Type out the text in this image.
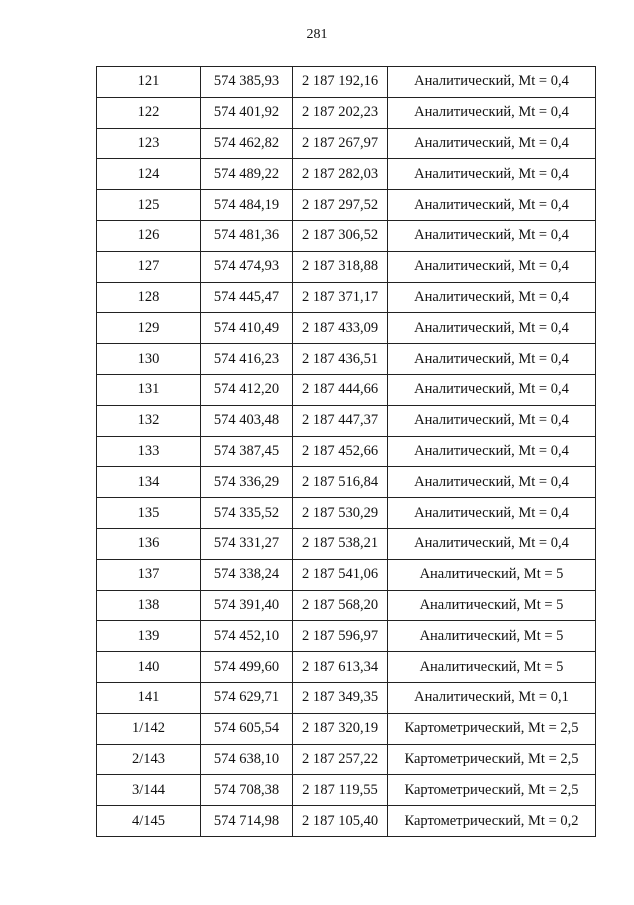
281
121	574 385,93	2 187 192,16	Аналитический, Mt = 0,4
122	574 401,92	2 187 202,23	Аналитический, Mt = 0,4
123	574 462,82	2 187 267,97	Аналитический, Mt = 0,4
124	574 489,22	2 187 282,03	Аналитический, Mt = 0,4
125	574 484,19	2 187 297,52	Аналитический, Mt = 0,4
126	574 481,36	2 187 306,52	Аналитический, Mt = 0,4
127	574 474,93	2 187 318,88	Аналитический, Mt = 0,4
128	574 445,47	2 187 371,17	Аналитический, Mt = 0,4
129	574 410,49	2 187 433,09	Аналитический, Mt = 0,4
130	574 416,23	2 187 436,51	Аналитический, Mt = 0,4
131	574 412,20	2 187 444,66	Аналитический, Mt = 0,4
132	574 403,48	2 187 447,37	Аналитический, Mt = 0,4
133	574 387,45	2 187 452,66	Аналитический, Mt = 0,4
134	574 336,29	2 187 516,84	Аналитический, Mt = 0,4
135	574 335,52	2 187 530,29	Аналитический, Mt = 0,4
136	574 331,27	2 187 538,21	Аналитический, Mt = 0,4
137	574 338,24	2 187 541,06	Аналитический, Mt = 5
138	574 391,40	2 187 568,20	Аналитический, Mt = 5
139	574 452,10	2 187 596,97	Аналитический, Mt = 5
140	574 499,60	2 187 613,34	Аналитический, Mt = 5
141	574 629,71	2 187 349,35	Аналитический, Mt = 0,1
1/142	574 605,54	2 187 320,19	Картометрический, Mt = 2,5
2/143	574 638,10	2 187 257,22	Картометрический, Mt = 2,5
3/144	574 708,38	2 187 119,55	Картометрический, Mt = 2,5
4/145	574 714,98	2 187 105,40	Картометрический, Mt = 0,2
